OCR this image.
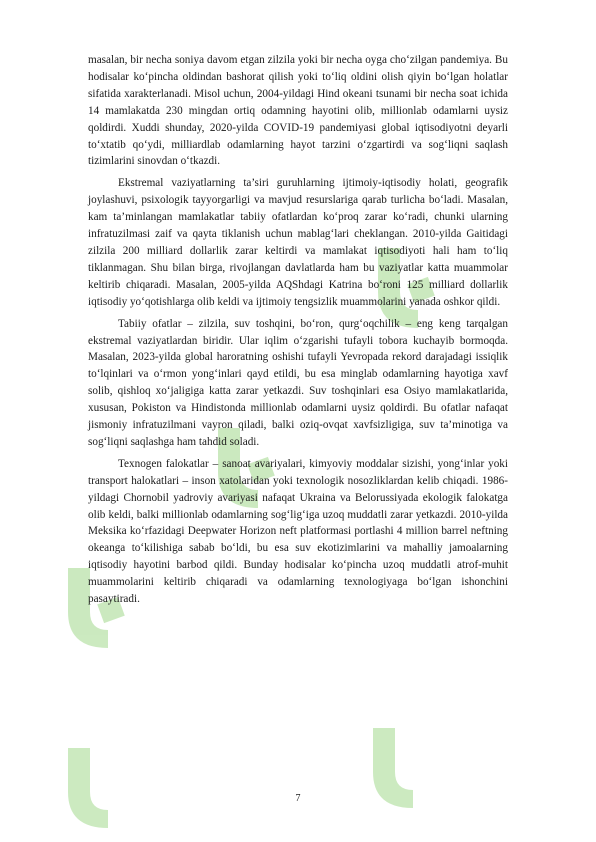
masalan, bir necha soniya davom etgan zilzila yoki bir necha oyga cho‘zilgan pandemiya. Bu hodisalar ko‘pincha oldindan bashorat qilish yoki to‘liq oldini olish qiyin bo‘lgan holatlar sifatida xarakterlanadi. Misol uchun, 2004-yildagi Hind okeani tsunami bir necha soat ichida 14 mamlakatda 230 mingdan ortiq odamning hayotini olib, millionlab odamlarni uysiz qoldirdi. Xuddi shunday, 2020-yilda COVID-19 pandemiyasi global iqtisodiyotni deyarli to‘xtatib qo‘ydi, milliardlab odamlarning hayot tarzini o‘zgartirdi va sog‘liqni saqlash tizimlarini sinovdan o‘tkazdi.

Ekstremal vaziyatlarning ta’siri guruhlarning ijtimoiy-iqtisodiy holati, geografik joylashuvi, psixologik tayyorgarligi va mavjud resurslariga qarab turlicha bo‘ladi. Masalan, kam ta’minlangan mamlakatlar tabiiy ofatlardan ko‘proq zarar ko‘radi, chunki ularning infratuzilmasi zaif va qayta tiklanish uchun mablag‘lari cheklangan. 2010-yilda Gaitidagi zilzila 200 milliard dollarlik zarar keltirdi va mamlakat iqtisodiyoti hali ham to‘liq tiklanmagan. Shu bilan birga, rivojlangan davlatlarda ham bu vaziyatlar katta muammolar keltirib chiqaradi. Masalan, 2005-yilda AQShdagi Katrina bo‘roni 125 milliard dollarlik iqtisodiy yo‘qotishlarga olib keldi va ijtimoiy tengsizlik muammolarini yanada oshkor qildi.

Tabiiy ofatlar – zilzila, suv toshqini, bo‘ron, qurg‘oqchilik – eng keng tarqalgan ekstremal vaziyatlardan biridir. Ular iqlim o‘zgarishi tufayli tobora kuchayib bormoqda. Masalan, 2023-yilda global haroratning oshishi tufayli Yevropada rekord darajadagi issiqlik to‘lqinlari va o‘rmon yong‘inlari qayd etildi, bu esa minglab odamlarning hayotiga xavf solib, qishloq xo‘jaligiga katta zarar yetkazdi. Suv toshqinlari esa Osiyo mamlakatlarida, xususan, Pokiston va Hindistonda millionlab odamlarni uysiz qoldirdi. Bu ofatlar nafaqat jismoniy infratuzilmani vayron qiladi, balki oziq-ovqat xavfsizligiga, suv ta’minotiga va sog‘liqni saqlashga ham tahdid soladi.

Texnogen falokatlar – sanoat avariyalari, kimyoviy moddalar sizishi, yong‘inlar yoki transport halokatlari – inson xatolaridan yoki texnologik nosozliklardan kelib chiqadi. 1986-yildagi Chornobil yadroviy avariyasi nafaqat Ukraina va Belorussiyada ekologik falokatga olib keldi, balki millionlab odamlarning sog‘lig‘iga uzoq muddatli zarar yetkazdi. 2010-yilda Meksika ko‘rfazidagi Deepwater Horizon neft platformasi portlashi 4 million barrel neftning okeanga to‘kilishiga sabab bo‘ldi, bu esa suv ekotizimlarini va mahalliy jamoalarning iqtisodiy hayotini barbod qildi. Bunday hodisalar ko‘pincha uzoq muddatli atrof-muhit muammolarini keltirib chiqaradi va odamlarning texnologiyaga bo‘lgan ishonchini pasaytiradi.

7
